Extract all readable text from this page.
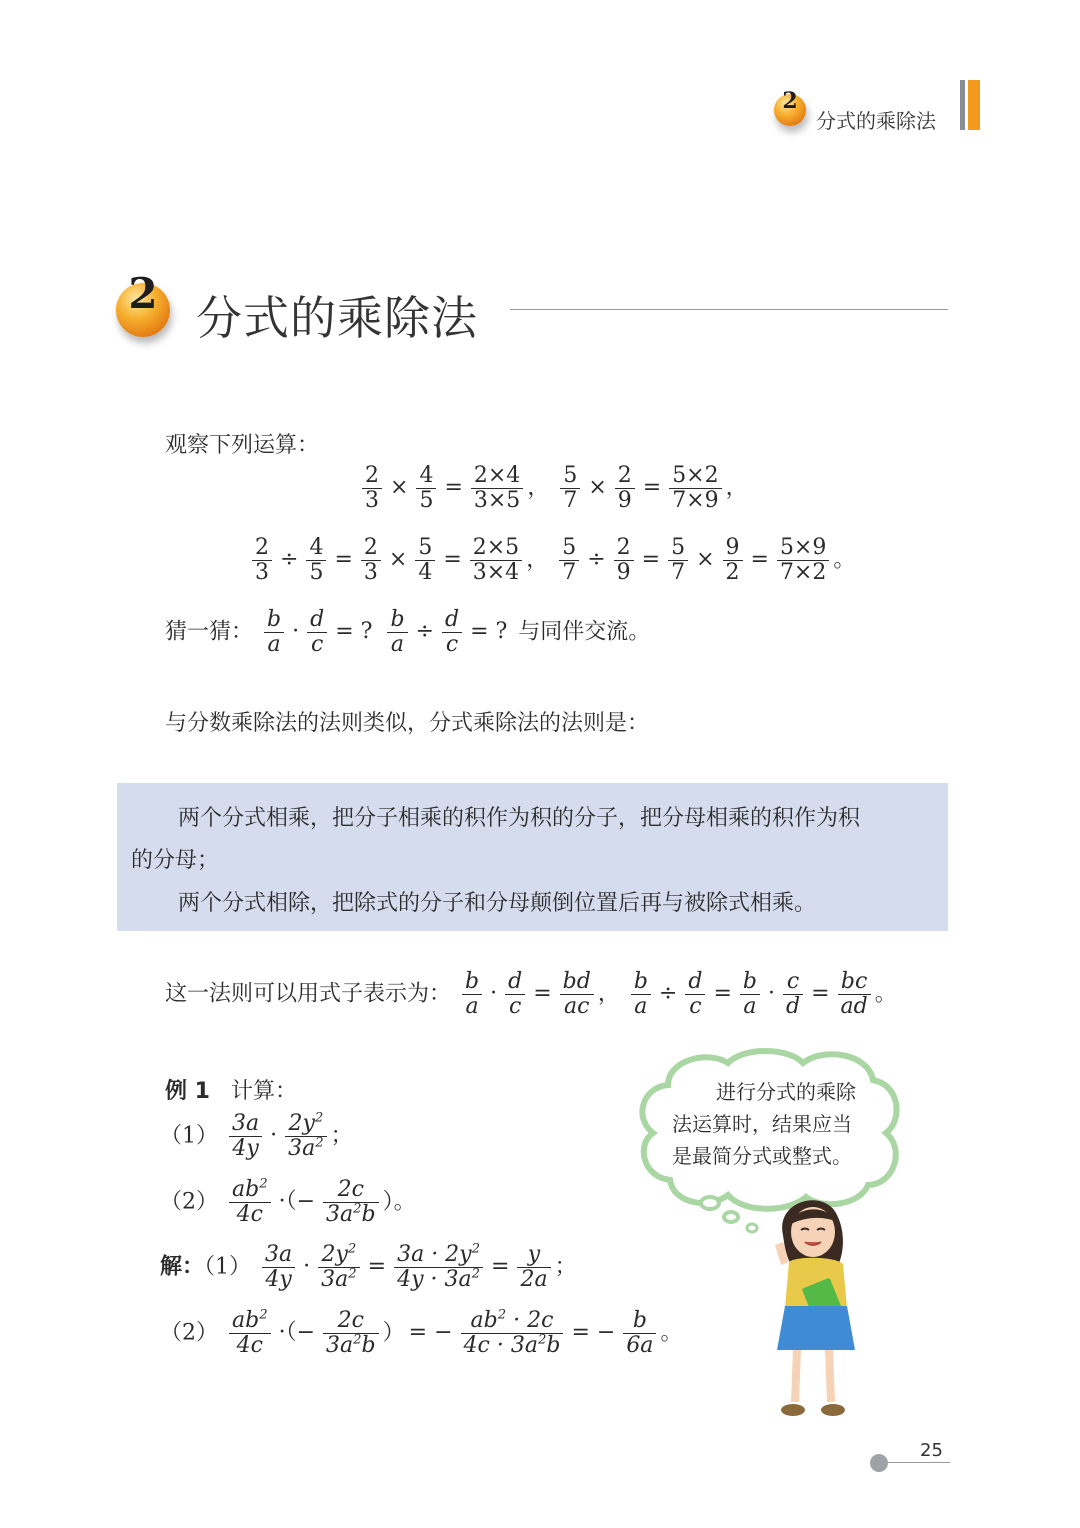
2
分式的乘除法
2 分式的乘除法
观察下列运算：
$\frac{2}{3} \times \frac{4}{5} = \frac{2\times 4}{3\times 5}$ ， $\frac{5}{7} \times \frac{2}{9} = \frac{5\times 2}{7\times 9}$ ，
$\frac{2}{3} \div \frac{4}{5} = \frac{2}{3} \times \frac{5}{4} = \frac{2\times 5}{3\times 4}$ ， $\frac{5}{7} \div \frac{2}{9} = \frac{5}{7} \times \frac{9}{2} = \frac{5\times 9}{7\times 2}$ 。
猜一猜： $\frac{b}{a} \cdot \frac{d}{c}$ = ? $\frac{b}{a} \div \frac{d}{c}$ = ? 与同伴交流。
与分数乘除法的法则类似，分式乘除法的法则是：
两个分式相乘，把分子相乘的积作为积的分子，把分母相乘的积作为积
的分母；
两个分式相除，把除式的分子和分母颠倒位置后再与被除式相乘。
这一法则可以用式子表示为： $\frac{b}{a} \cdot \frac{d}{c} = \frac{bd}{ac}$ ， $\frac{b}{a} \div \frac{d}{c} = \frac{b}{a} \cdot \frac{c}{d} = \frac{bc}{ad}$ 。
例 1 计算：
$(1) \frac{3a}{4y} \cdot \frac{2y^2}{3a^2}$ ；
$(2) \frac{ab^2}{4c}$ ·（− $\frac{2c}{3a^2b}$ ）。
解：$(1) \frac{3a}{4y} \cdot \frac{2y^2}{3a^2} = \frac{3a \cdot 2y^2}{4y \cdot 3a^2} = \frac{y}{2a}$ ；
$(2) \frac{ab^2}{4c}$ ·（− $\frac{2c}{3a^2b}$ ） = − $\frac{ab^2 \cdot 2c}{4c \cdot 3a^2b}$ = − $\frac{b}{6a}$ 。
进行分式的乘除
法运算时，结果应当
是最简分式或整式。
25
